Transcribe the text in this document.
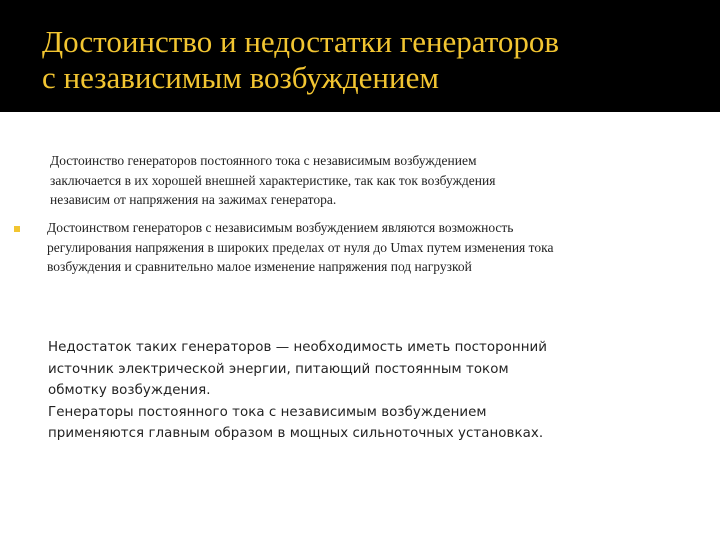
Достоинство и недостатки генераторов
с независимым возбуждением

Достоинство генераторов постоянного тока с независимым возбуждением
заключается в их хорошей внешней характеристике, так как ток возбуждения
независим от напряжения на зажимах генератора.

Достоинством генераторов с независимым возбуждением являются возможность
регулирования напряжения в широких пределах от нуля до Umax путем изменения тока
возбуждения и сравнительно малое изменение напряжения под нагрузкой

Недостаток таких генераторов — необходимость иметь посторонний
источник электрической энергии, питающий постоянным током
обмотку возбуждения.
Генераторы постоянного тока с независимым возбуждением
применяются главным образом в мощных сильноточных установках.
